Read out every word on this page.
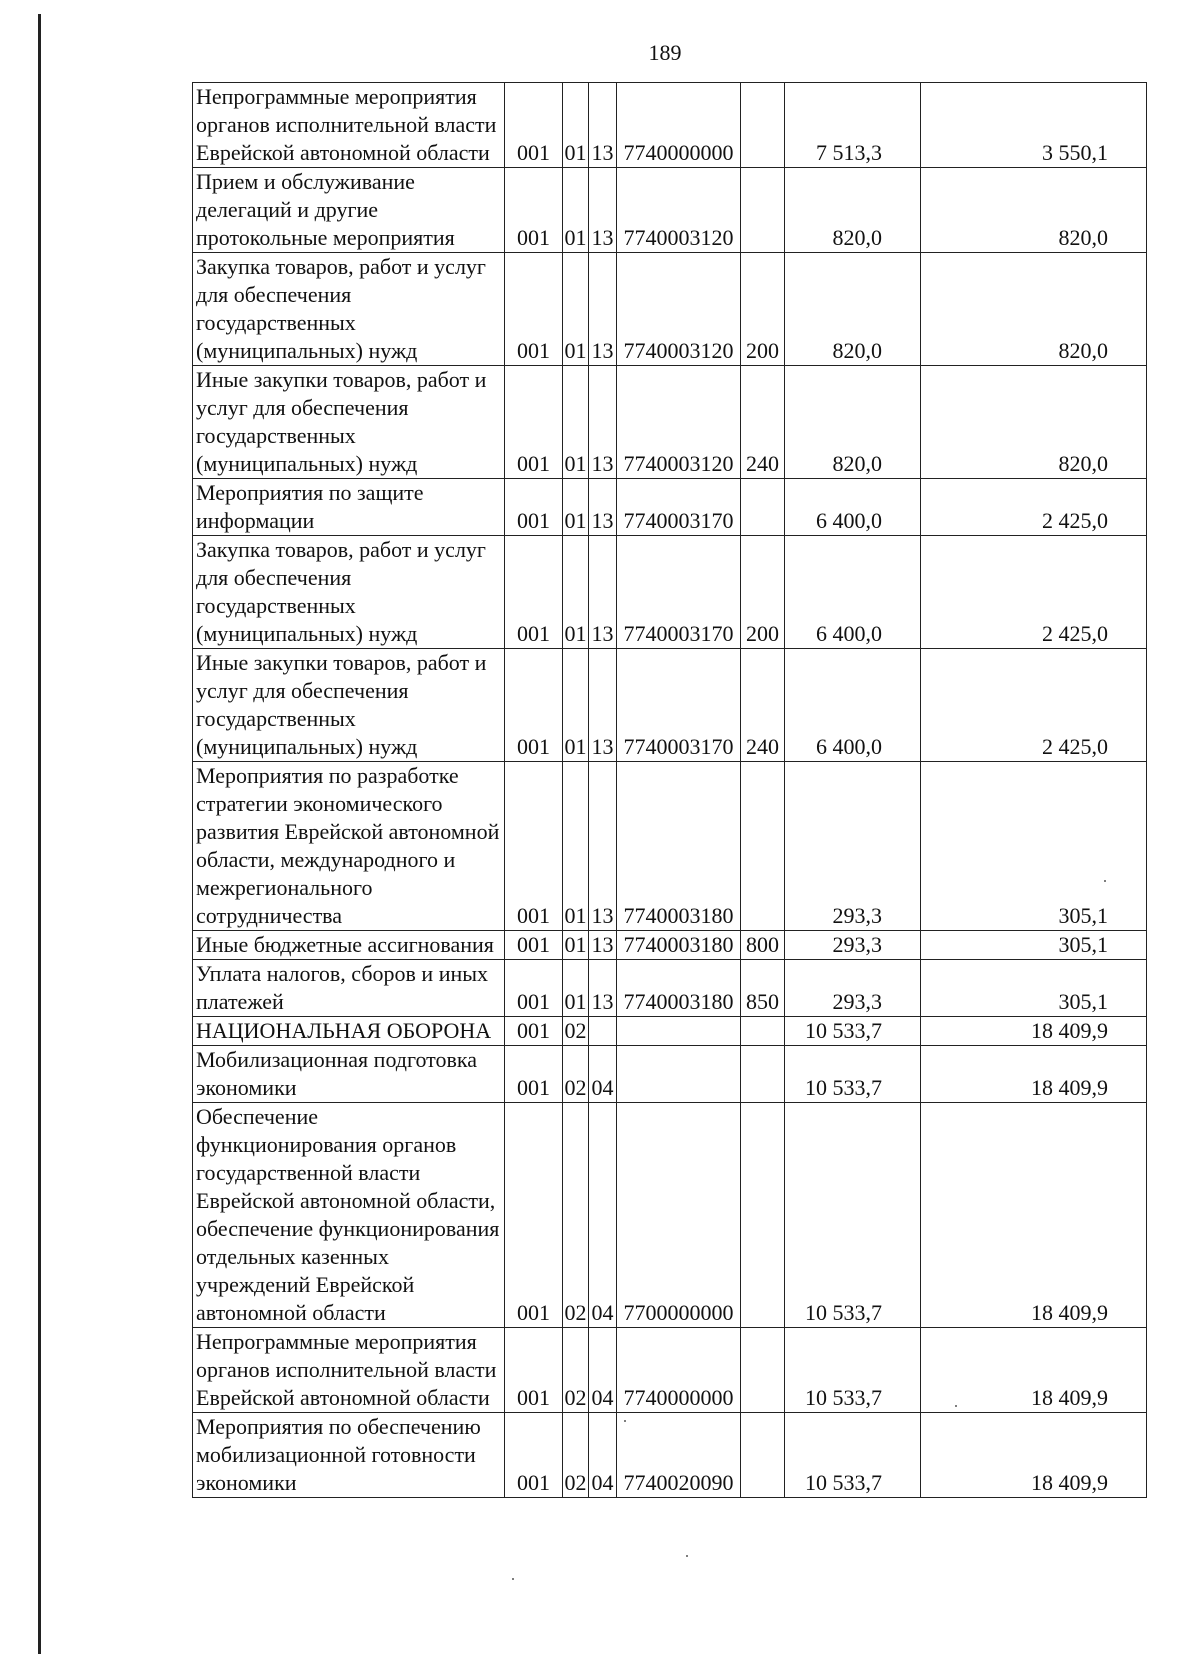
189
Непрограммные мероприятия органов исполнительной власти Еврейской автономной области	001	01	13	7740000000		7 513,3	3 550,1
Прием и обслуживание делегаций и другие протокольные мероприятия	001	01	13	7740003120		820,0	820,0
Закупка товаров, работ и услуг для обеспечения государственных (муниципальных) нужд	001	01	13	7740003120	200	820,0	820,0
Иные закупки товаров, работ и услуг для обеспечения государственных (муниципальных) нужд	001	01	13	7740003120	240	820,0	820,0
Мероприятия по защите информации	001	01	13	7740003170		6 400,0	2 425,0
Закупка товаров, работ и услуг для обеспечения государственных (муниципальных) нужд	001	01	13	7740003170	200	6 400,0	2 425,0
Иные закупки товаров, работ и услуг для обеспечения государственных (муниципальных) нужд	001	01	13	7740003170	240	6 400,0	2 425,0
Мероприятия по разработке стратегии экономического развития Еврейской автономной области, международного и межрегионального сотрудничества	001	01	13	7740003180		293,3	305,1
Иные бюджетные ассигнования	001	01	13	7740003180	800	293,3	305,1
Уплата налогов, сборов и иных платежей	001	01	13	7740003180	850	293,3	305,1
НАЦИОНАЛЬНАЯ ОБОРОНА	001	02				10 533,7	18 409,9
Мобилизационная подготовка экономики	001	02	04			10 533,7	18 409,9
Обеспечение функционирования органов государственной власти Еврейской автономной области, обеспечение функционирования отдельных казенных учреждений Еврейской автономной области	001	02	04	7700000000		10 533,7	18 409,9
Непрограммные мероприятия органов исполнительной власти Еврейской автономной области	001	02	04	7740000000		10 533,7	18 409,9
Мероприятия по обеспечению мобилизационной готовности экономики	001	02	04	7740020090		10 533,7	18 409,9
